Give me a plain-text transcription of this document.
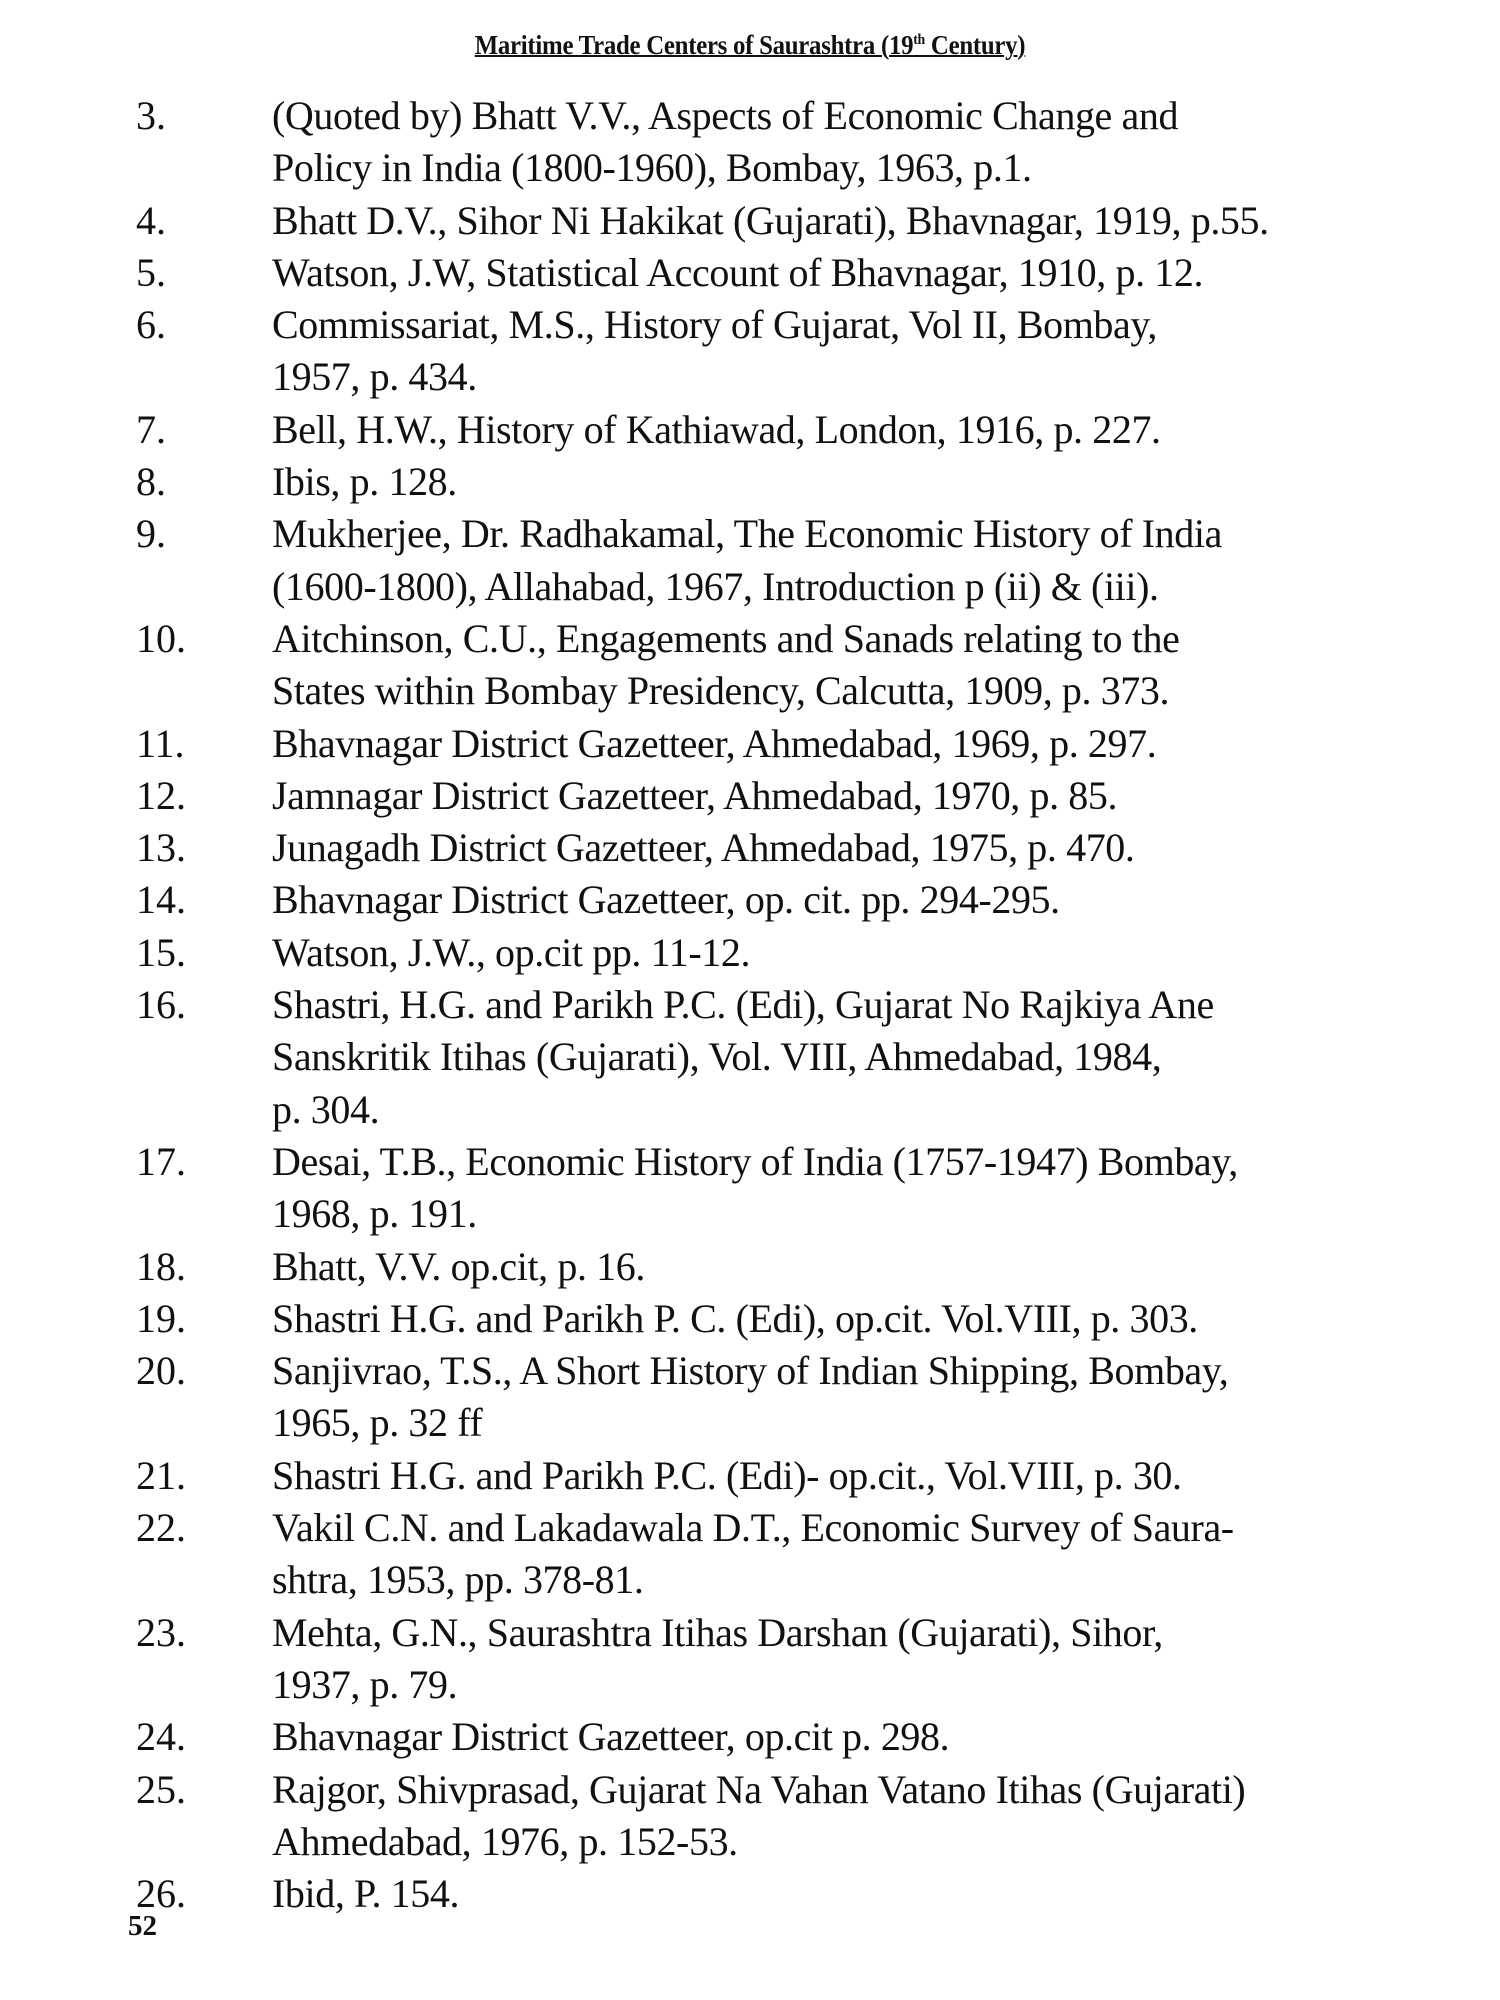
Maritime Trade Centers of Saurashtra (19th Century)
3.	(Quoted by) Bhatt V.V., Aspects of Economic Change and
Policy in India (1800-1960), Bombay, 1963, p.1.
4.	Bhatt D.V., Sihor Ni Hakikat (Gujarati), Bhavnagar, 1919, p.55.
5.	Watson, J.W, Statistical Account of Bhavnagar, 1910, p. 12.
6.	Commissariat, M.S., History of Gujarat, Vol II, Bombay,
1957, p. 434.
7.	Bell, H.W., History of Kathiawad, London, 1916, p. 227.
8.	Ibis, p. 128.
9.	Mukherjee, Dr. Radhakamal, The Economic History of India
(1600-1800), Allahabad, 1967, Introduction p (ii) & (iii).
10.	Aitchinson, C.U., Engagements and Sanads relating to the
States within Bombay Presidency, Calcutta, 1909, p. 373.
11.	Bhavnagar District Gazetteer, Ahmedabad, 1969, p. 297.
12.	Jamnagar District Gazetteer, Ahmedabad, 1970, p. 85.
13.	Junagadh District Gazetteer, Ahmedabad, 1975, p. 470.
14.	Bhavnagar District Gazetteer, op. cit. pp. 294-295.
15.	Watson, J.W., op.cit pp. 11-12.
16.	Shastri, H.G. and Parikh P.C. (Edi), Gujarat No Rajkiya Ane
Sanskritik Itihas (Gujarati), Vol. VIII, Ahmedabad, 1984,
p. 304.
17.	Desai, T.B., Economic History of India (1757-1947) Bombay,
1968, p. 191.
18.	Bhatt, V.V. op.cit, p. 16.
19.	Shastri H.G. and Parikh P. C. (Edi), op.cit. Vol.VIII, p. 303.
20.	Sanjivrao, T.S., A Short History of Indian Shipping, Bombay,
1965, p. 32 ff
21.	Shastri H.G. and Parikh P.C. (Edi)- op.cit., Vol.VIII, p. 30.
22.	Vakil C.N. and Lakadawala D.T., Economic Survey of Saura-
shtra, 1953, pp. 378-81.
23.	Mehta, G.N., Saurashtra Itihas Darshan (Gujarati), Sihor,
1937, p. 79.
24.	Bhavnagar District Gazetteer, op.cit p. 298.
25.	Rajgor, Shivprasad, Gujarat Na Vahan Vatano Itihas (Gujarati)
Ahmedabad, 1976, p. 152-53.
26.	Ibid, P. 154.
52
